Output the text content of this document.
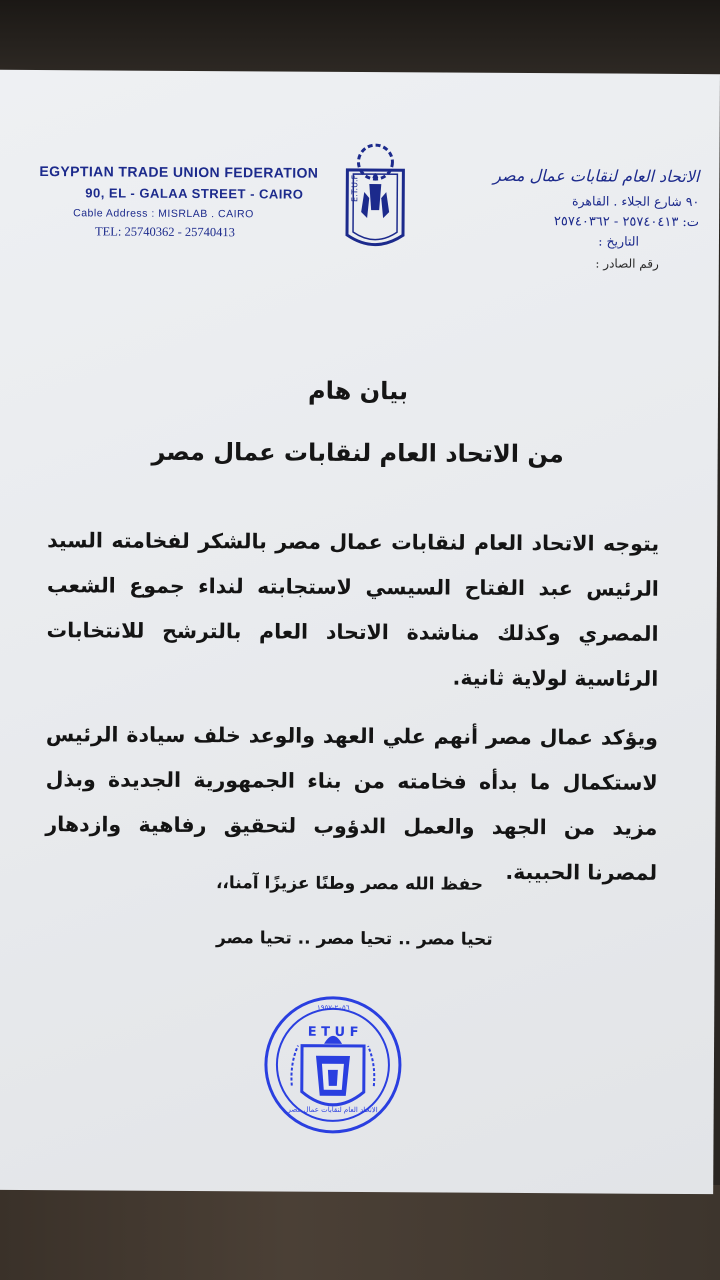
EGYPTIAN TRADE UNION FEDERATION

90, EL - GALAA STREET - CAIRO

Cable Address : MISRLAB . CAIRO

TEL: 25740362 - 25740413

E.T.U.F	الاتحاد العام لنقابات عمال مصر

٩٠ شارع الجلاء . القاهرة

ت: ٢٥٧٤٠٤١٣ - ٢٥٧٤٠٣٦٢

التاريخ :

رقم الصادر :

بيان هام
من الاتحاد العام لنقابات عمال مصر

يتوجه الاتحاد العام لنقابات عمال مصر بالشكر لفخامته السيد الرئيس عبد الفتاح السيسي لاستجابته لنداء جموع الشعب المصري وكذلك مناشدة الاتحاد العام بالترشح للانتخابات الرئاسية لولاية ثانية.

ويؤكد عمال مصر أنهم علي العهد والوعد خلف سيادة الرئيس لاستكمال ما بدأه فخامته من بناء الجمهورية الجديدة وبذل مزيد من الجهد والعمل الدؤوب لتحقيق رفاهية وازدهار لمصرنا الحبيبة.

حفظ الله مصر وطنًا عزيزًا آمنا،،
تحيا مصر .. تحيا مصر .. تحيا مصر
E T U F
٢٠٥٦-١٩٥٧
الاتحاد العام لنقابات عمال مصر
